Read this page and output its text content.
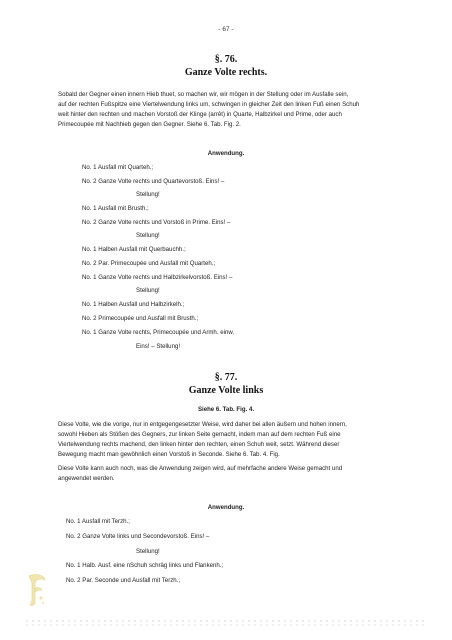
- 67 -
§. 76.
Ganze Volte rechts.
Sobald der Gegner einen innern Hieb thuet, so machen wir, wir mögen in der Stellung oder im Ausfalle sein,
auf der rechten Fußspitze eine Viertelwendung links um, schwingen in gleicher Zeit den linken Fuß einen Schuh
weit hinter den rechten und machen Vorstoß der Klinge (arrêt) in Quarte, Halbzirkel und Prime, oder auch
Primecoupée mit Nachhieb gegen den Gegner. Siehe 6. Tab. Fig. 2.
Anwendung.
No. 1 Ausfall mit Quarteh.;
No. 2 Ganze Volte rechts und Quartevorstoß. Eins! –
Stellung!
No. 1 Ausfall mit Brusth.;
No. 2 Ganze Volte rechts und Vorstoß in Prime. Eins! –
Stellung!
No. 1 Halben Ausfall mit Querbauchh.;
No. 2 Par. Primecoupée und Ausfall mit Quarteh.;
No. 1 Ganze Volte rechts und Halbzirkelvorstoß. Eins! –
Stellung!
No. 1 Halben Ausfall und Halbzirkelh.;
No. 2 Primecoupée und Ausfall mit Brusth.;
No. 1 Ganze Volte rechts, Primecoupée und Armh. einw.
Eins! – Stellung!
§. 77.
Ganze Volte links
Siehe 6. Tab. Fig. 4.
Diese Volte, wie die vorige, nur in entgegengesetzter Weise, wird daher bei allen äußern und hohen innern,
sowohl Hieben als Stößen des Gegners, zur linken Seite gemacht, indem man auf dem rechten Fuß eine
Viertelwendung rechts machend, den linken hinter den rechten, einen Schuh weit, setzt. Während dieser
Bewegung macht man gewöhnlich einen Vorstoß in Seconde. Siehe 6. Tab. 4. Fig.
Diese Volte kann auch noch, was die Anwendung zeigen wird, auf mehrfache andere Weise gemacht und
angewendet werden.
Anwendung.
No. 1 Ausfall mit Terzh.;
No. 2 Ganze Volte links und Secondevorstoß. Eins! –
Stellung!
No. 1 Halb. Ausf. eine nSchuh schräg links und Flankenh.;
No. 2 Par. Seconde und Ausfall mit Terzh.;
